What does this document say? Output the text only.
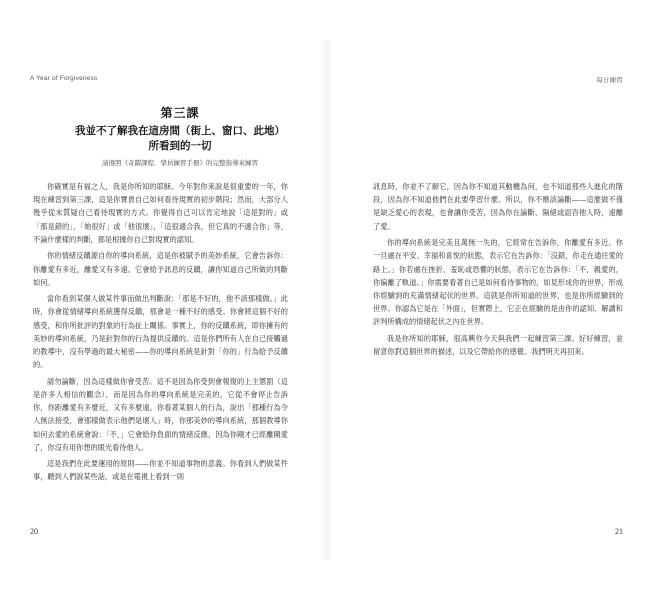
A Year of Forgiveness
第三課
我並不了解我在這房間（街上、窗口、此地）
所看到的一切
請遵照《奇蹟課程．學員練習手冊》的完整指導來練習

你確實是有福之人，我是你所知的耶穌。今年對你來說是很重要的一年，你現在練習到第三課，這是你寶貴自己如何看待現實的初步階段；然而，大部分人幾乎從未質疑自己看待現實的方式。你覺得自己可以肯定地說「這是對的」或「那是錯的」，「她很好」或「他很壞」，「這很適合我，但它真的不適合你」等，不論什麼樣的判斷，都是根據你自己對現實的認知。

你的情緒反饋源自你的導向系統，這是你被賦予的美妙系統，它會告訴你：你離愛有多近，離愛又有多遠。它會給予訊息的反饋，讓你知道自己所做的判斷如何。

當你看到某個人做某件事而做出判斷說：「那是不好的，他不該那樣做。」此時，你會從情緒導向系統獲得反饋，那會是一種不好的感受。你會將這個不好的感受，和你所批評的對象的行為扯上關係。事實上，你的反饋系統，即你擁有的美妙的導向系統，乃是針對你的行為提供反饋的。這是你們所有人在自己接觸過的教導中，沒有學過的最大秘密——你的導向系統是針對「你的」行為給予反饋的。

請勿論斷，因為這樣做你會受苦。這不是因為你受到會報復的上主懲罰（這是許多人相信的觀念），而是因為你的導向系統是完美的，它從不會停止告訴你，你距離愛有多麼近，又有多麼遠。你看著某個人的行為，說出「那種行為令人無法接受，會那樣做表示他們是壞人」時，你那美妙的導向系統，那個教導你如何去愛的系統會說：「不，」它會給你負面的情緒反應，因為你剛才已經離開愛了，你沒有用你想的眼光看待他人。

這是我們在此要運用的原則——你並不知道事物的意義。你看到人們做某件事，聽到人們說某些話，或是在電視上看到一則

20
每日練習

訊息時，你並不了解它，因為你不知道其動機為何，也不知道那些人進化的階段，因為你不知道他們在此要學習什麼。所以，你不應該論斷——這麼做不僅是缺乏愛心的表現，也會讓你受苦，因為你在論斷、隔絕或詛咨他人時，遠離了愛。

你的導向系統是完美且萬無一失的，它經常在告訴你，你離愛有多近。你一旦處在平安、幸福和喜悅的狀態，表示它在告訴你：「沒錯，你走在通往愛的路上。」你若處在挫折、羞恥或恐懼的狀態，表示它在告訴你：「不，親愛的，你偏離了軌道。」你需要看著自己是如何看待事物的，如見形成你的世界，形成你經驗到的充滿情緒起伏的世界。這就是你所知道的世界，也是你所經驗到的世界。你認為它是在「外面」，但實際上，它正在經驗的是由你的認知、解讀和評判所構成的情緒起伏之內在世界。

我是你所知的耶穌，很高興你今天與我們一起練習第三課。好好練習，並留意你對這個世界的描述，以及它帶給你的感覺。我們明天再回來。

21
